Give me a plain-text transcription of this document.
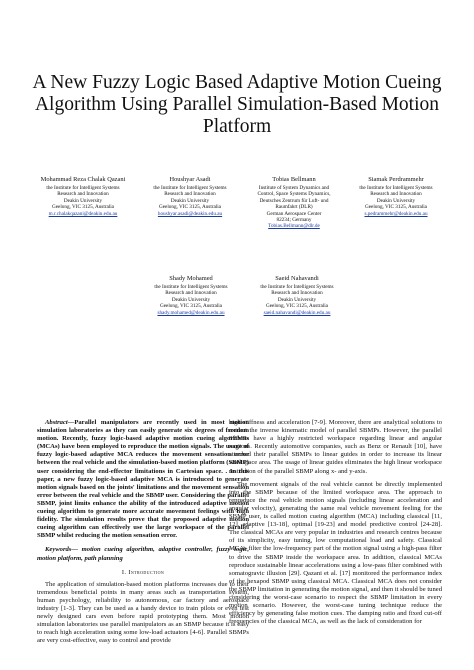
A New Fuzzy Logic Based Adaptive Motion Cueing Algorithm Using Parallel Simulation-Based Motion Platform
Mohammad Reza Chalak Qazani
the Institute for Intelligent Systems
Research and Innovation
Deakin University
Geelong, VIC 3125, Australia
m.r.chalakqazani@deakin.edu.au
Houshyar Asadi
the Institute for Intelligent Systems
Research and Innovation
Deakin University
Geelong, VIC 3125, Australia
houshyar.asadi@deakin.edu.au
Tobias Bellmann
Institute of System Dynamics and
Control, Space Systems Dynamics,
Deutsches Zentrum für Luft- und
Raumfahrt (DLR)
German Aerospace Center
82234; Germany
Tobias.Bellmann@dlr.de
Siamak Perdrammehr
the Institute for Intelligent Systems
Research and Innovation
Deakin University
Geelong, VIC 3125, Australia
s.pedrammehr@deakin.edu.au
Shady Mohamed
the Institute for Intelligent Systems
Research and Innovation
Deakin University
Geelong, VIC 3125, Australia
shady.mohamed@deakin.edu.au
Saeid Nahavandi
the Institute for Intelligent Systems
Research and Innovation
Deakin University
Geelong, VIC 3125, Australia
saeid.nahavandi@deakin.edu.au

Abstract—Parallel manipulators are recently used in most motion simulation laboratories as they can easily generate six degrees of freedom motion. Recently, fuzzy logic-based adaptive motion cueing algorithms (MCAs) have been employed to reproduce the motion signals. The usage of fuzzy logic-based adaptive MCA reduces the movement sensation error between the real vehicle and the simulation-based motion platform (SBMP) user considering the end-effector limitations in Cartesian space. . In this paper, a new fuzzy logic-based adaptive MCA is introduced to generate motion signals based on the joints' limitations and the movement sensation error between the real vehicle and the SBMP user. Considering the parallel SBMP, joint limits enhance the ability of the introduced adaptive motion cueing algorithm to generate more accurate movement feelings with high fidelity. The simulation results prove that the proposed adaptive motion cueing algorithm can effectively use the large workspace of the parallel SBMP whilst reducing the motion sensation error.

Keywords— motion cueing algorithm, adaptive controller, fuzzy logic, motion platform, path planning

I. Introduction

The application of simulation-based motion platforms increases due to their tremendous beneficial points in many areas such as transportation system, human psychology, reliability to autonomous, car factory and aerospace industry [1-3]. They can be used as a handy device to train pilots or even test newly designed cars even before rapid prototyping them. Most motion simulation laboratories use parallel manipulators as an SBMP because it is easy to reach high acceleration using some low-load actuators [4-6]. Parallel SBMPs are very cost-effective, easy to control and provide

high stiffness and acceleration [7-9]. Moreover, there are analytical solutions to extract the inverse kinematic model of parallel SBMPs. However, the parallel SBMPs have a highly restricted workspace regarding linear and angular motions. Recently automotive companies, such as Benz or Renault [10], have attached their parallel SBMPs to linear guides in order to increase its linear workspace area. The usage of linear guides eliminates the high linear workspace restriction of the parallel SBMP along x- and y-axis.

The movement signals of the real vehicle cannot be directly implemented into the SBMP because of the limited workspace area. The approach to reproduce the real vehicle motion signals (including linear acceleration and angular velocity), generating the same real vehicle movement feeling for the SBMP user, is called motion cueing algorithm (MCA) including classical [11, 12], adaptive [13-18], optimal [19-23] and model predictive control [24-28]. The classical MCAs are very popular in industries and research centres because of its simplicity, easy tuning, low computational load and safety. Classical MCAs filter the low-frequency part of the motion signal using a high-pass filter to drive the SBMP inside the workspace area. In addition, classical MCAs reproduce sustainable linear accelerations using a low-pass filter combined with somatogravic illusion [29]. Qazani et al. [17] monitored the performance index of the hexapod SBMP using classical MCA. Classical MCA does not consider the SBMP limitation in generating the motion signal, and then it should be tuned considering the worst-case scenario to respect the SBMP limitation in every motion scenario. However, the worst-case tuning technique reduce the efficiency by generating false motion cues. The damping ratio and fixed cut-off frequencies of the classical MCA, as well as the lack of consideration for
